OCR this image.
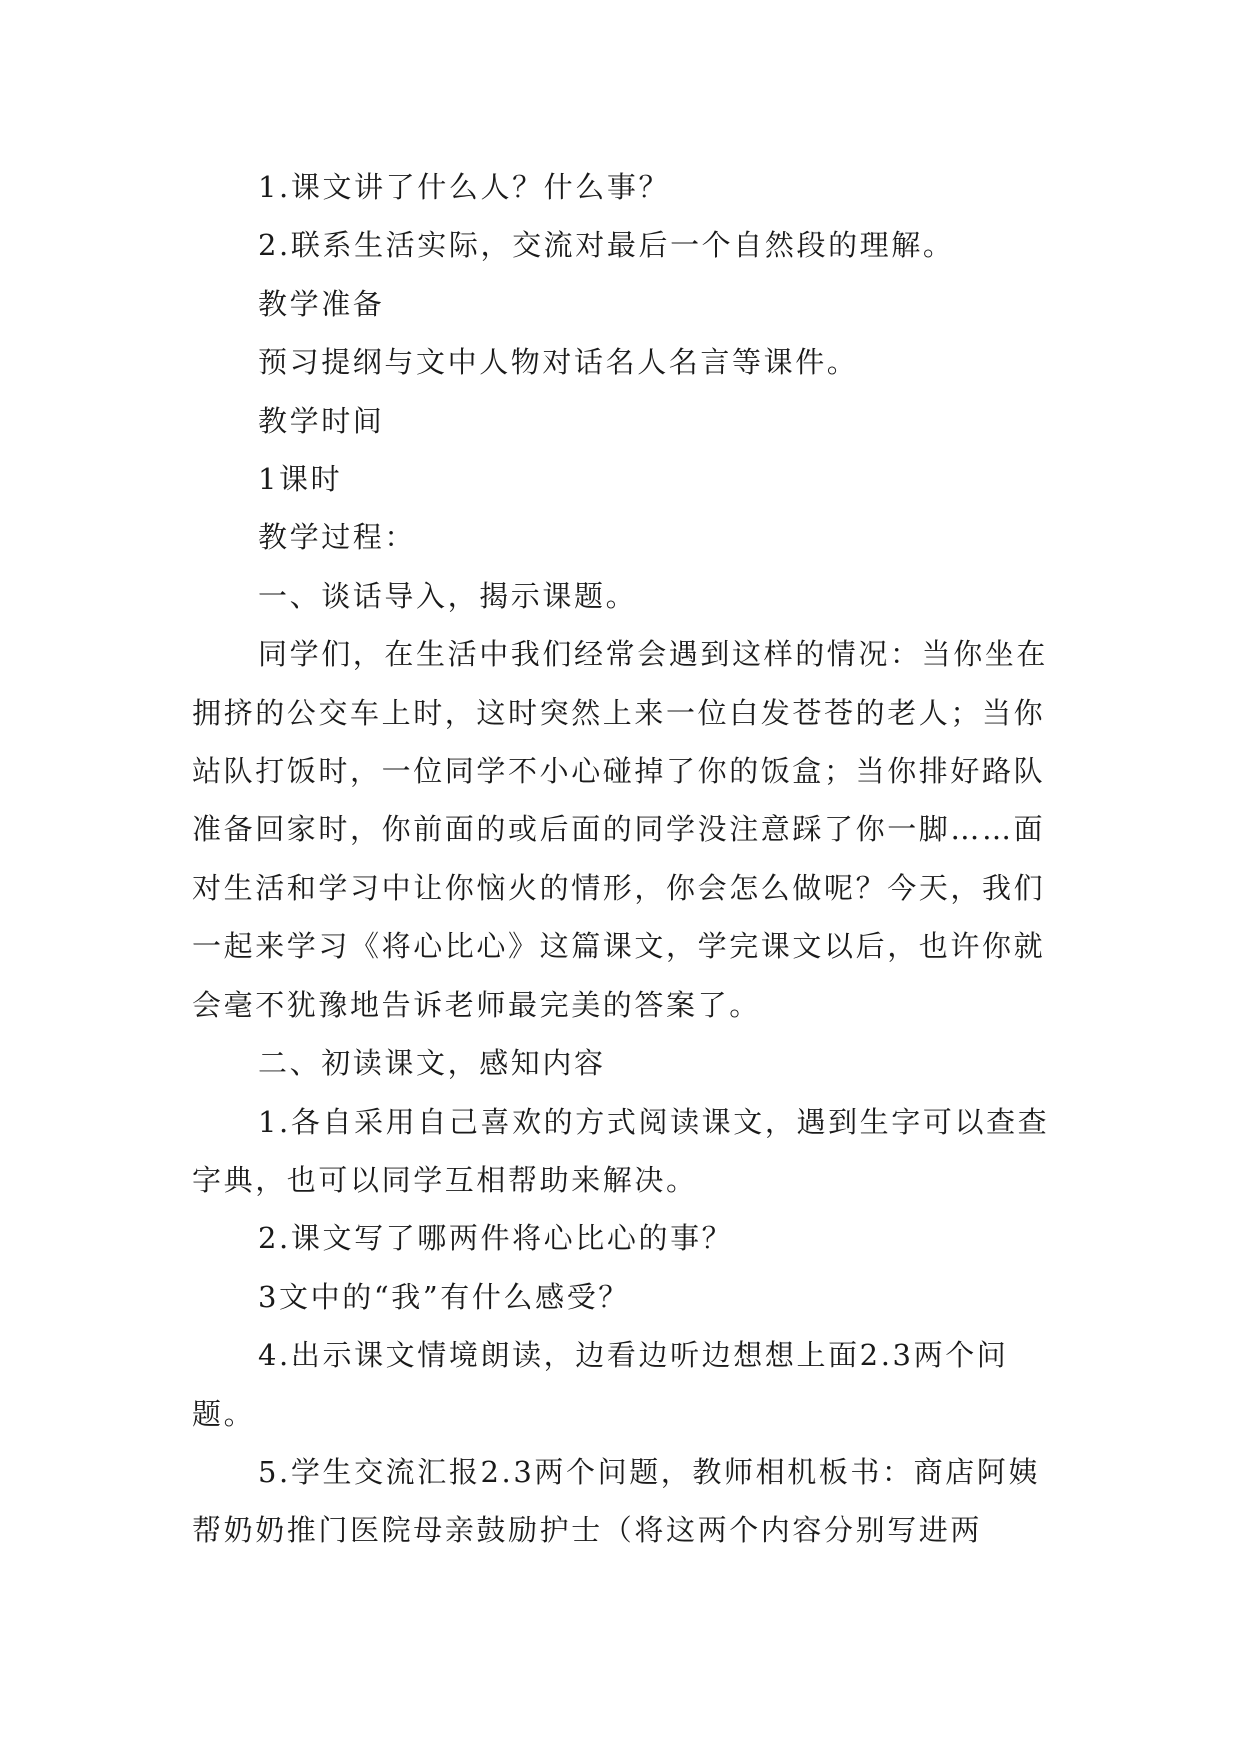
1.课文讲了什么人？什么事？

2.联系生活实际，交流对最后一个自然段的理解。

教学准备

预习提纲与文中人物对话名人名言等课件。

教学时间

1课时

教学过程：

一、谈话导入，揭示课题。

同学们，在生活中我们经常会遇到这样的情况：当你坐在拥挤的公交车上时，这时突然上来一位白发苍苍的老人；当你站队打饭时，一位同学不小心碰掉了你的饭盒；当你排好路队准备回家时，你前面的或后面的同学没注意踩了你一脚……面对生活和学习中让你恼火的情形，你会怎么做呢？今天，我们一起来学习《将心比心》这篇课文，学完课文以后，也许你就会毫不犹豫地告诉老师最完美的答案了。

二、初读课文，感知内容

1.各自采用自己喜欢的方式阅读课文，遇到生字可以查查字典，也可以同学互相帮助来解决。

2.课文写了哪两件将心比心的事？

3文中的“我”有什么感受？

4.出示课文情境朗读，边看边听边想想上面2.3两个问题。

5.学生交流汇报2.3两个问题，教师相机板书：商店阿姨帮奶奶推门医院母亲鼓励护士（将这两个内容分别写进两
